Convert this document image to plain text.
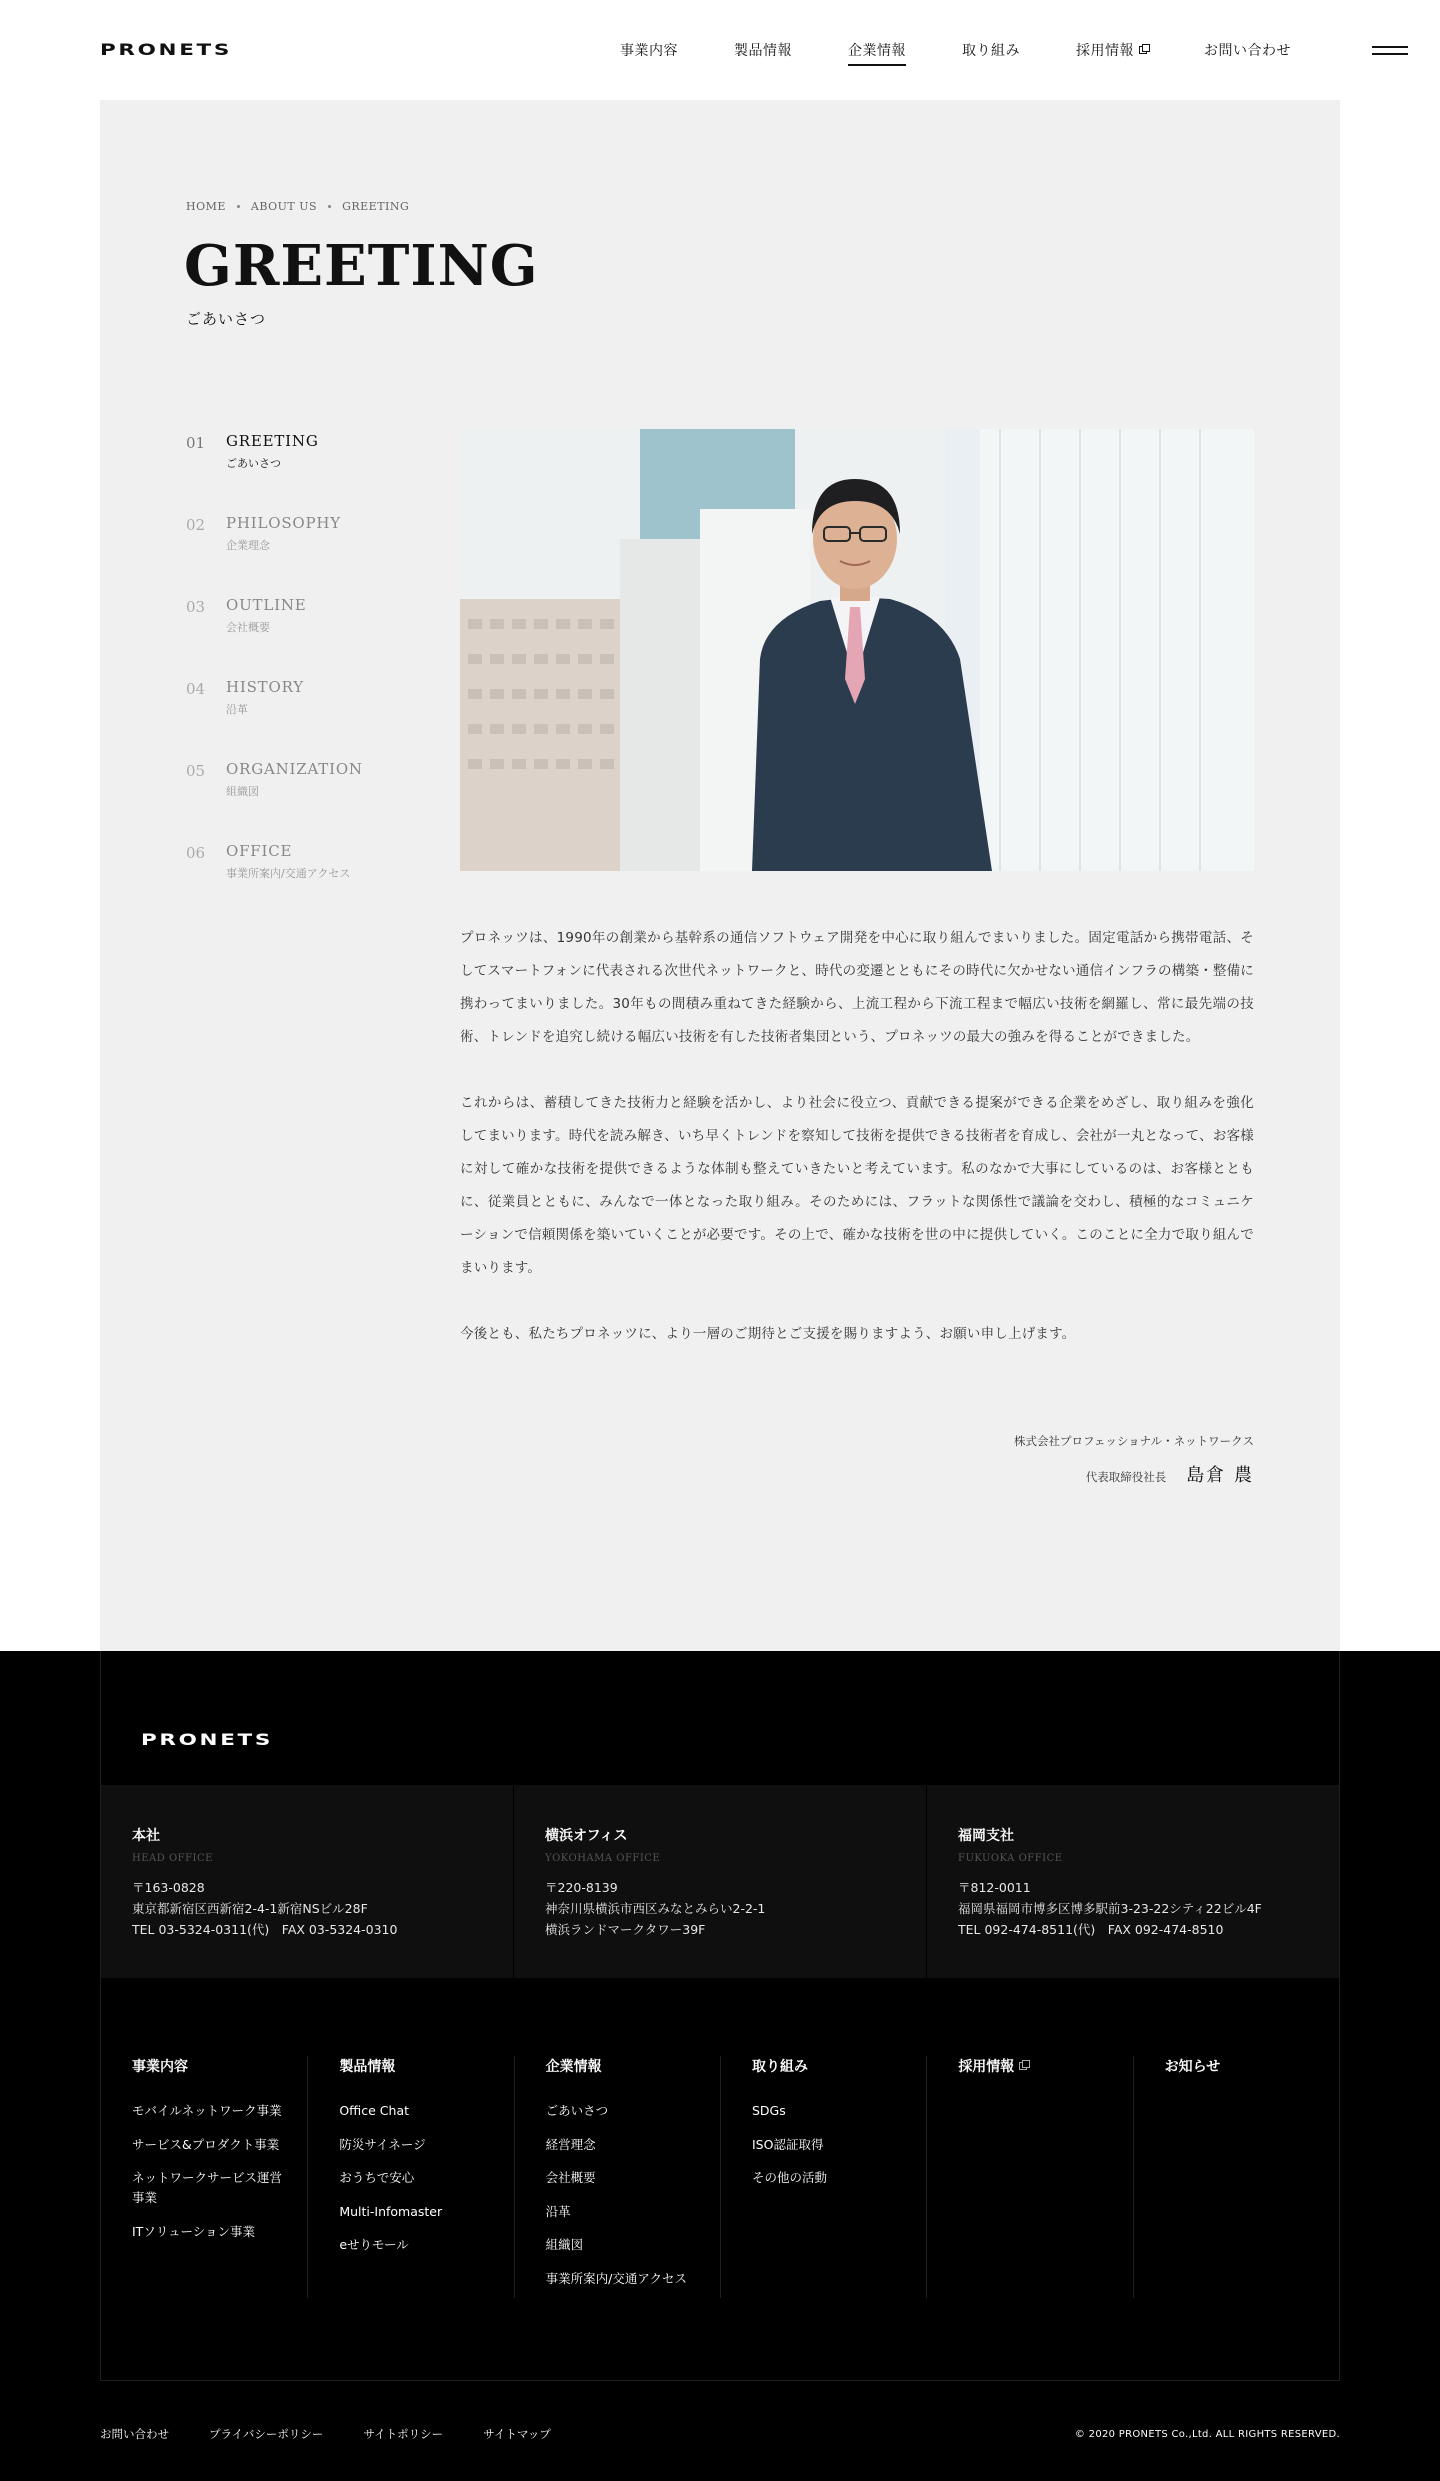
PRONETS	事業内容	製品情報	企業情報	取り組み	採用情報	お問い合わせ
HOME ABOUT US GREETING
GREETING
ごあいさつ
01	GREETING
ごあいさつ
02	PHILOSOPHY
企業理念
03	OUTLINE
会社概要
04	HISTORY
沿革
05	ORGANIZATION
組織図
06	OFFICE
事業所案内/交通アクセス

プロネッツは、1990年の創業から基幹系の通信ソフトウェア開発を中心に取り組んでまいりました。固定電話から携帯電話、そしてスマートフォンに代表される次世代ネットワークと、時代の変遷とともにその時代に欠かせない通信インフラの構築・整備に携わってまいりました。30年もの間積み重ねてきた経験から、上流工程から下流工程まで幅広い技術を網羅し、常に最先端の技術、トレンドを追究し続ける幅広い技術を有した技術者集団という、プロネッツの最大の強みを得ることができました。

これからは、蓄積してきた技術力と経験を活かし、より社会に役立つ、貢献できる提案ができる企業をめざし、取り組みを強化してまいります。時代を読み解き、いち早くトレンドを察知して技術を提供できる技術者を育成し、会社が一丸となって、お客様に対して確かな技術を提供できるような体制も整えていきたいと考えています。私のなかで大事にしているのは、お客様とともに、従業員とともに、みんなで一体となった取り組み。そのためには、フラットな関係性で議論を交わし、積極的なコミュニケーションで信頼関係を築いていくことが必要です。その上で、確かな技術を世の中に提供していく。このことに全力で取り組んでまいります。

今後とも、私たちプロネッツに、より一層のご期待とご支援を賜りますよう、お願い申し上げます。

株式会社プロフェッショナル・ネットワークス
代表取締役社長 島倉 農
PRONETS
本社
HEAD OFFICE
〒163-0828
東京都新宿区西新宿2-4-1新宿NSビル28F
TEL 03-5324-0311(代)　FAX 03-5324-0310
横浜オフィス
YOKOHAMA OFFICE
〒220-8139
神奈川県横浜市西区みなとみらい2-2-1
横浜ランドマークタワー39F
福岡支社
FUKUOKA OFFICE
〒812-0011
福岡県福岡市博多区博多駅前3-23-22シティ22ビル4F
TEL 092-474-8511(代)　FAX 092-474-8510
事業内容
モバイルネットワーク事業
サービス&プロダクト事業
ネットワークサービス運営事業
ITソリューション事業
製品情報
Office Chat
防災サイネージ
おうちで安心
Multi-Infomaster
eせりモール
企業情報
ごあいさつ
経営理念
会社概要
沿革
組織図
事業所案内/交通アクセス
取り組み
SDGs
ISO認証取得
その他の活動
採用情報	お知らせ
お問い合わせ	プライバシーポリシー	サイトポリシー	サイトマップ	© 2020 PRONETS Co.,Ltd. ALL RIGHTS RESERVED.
